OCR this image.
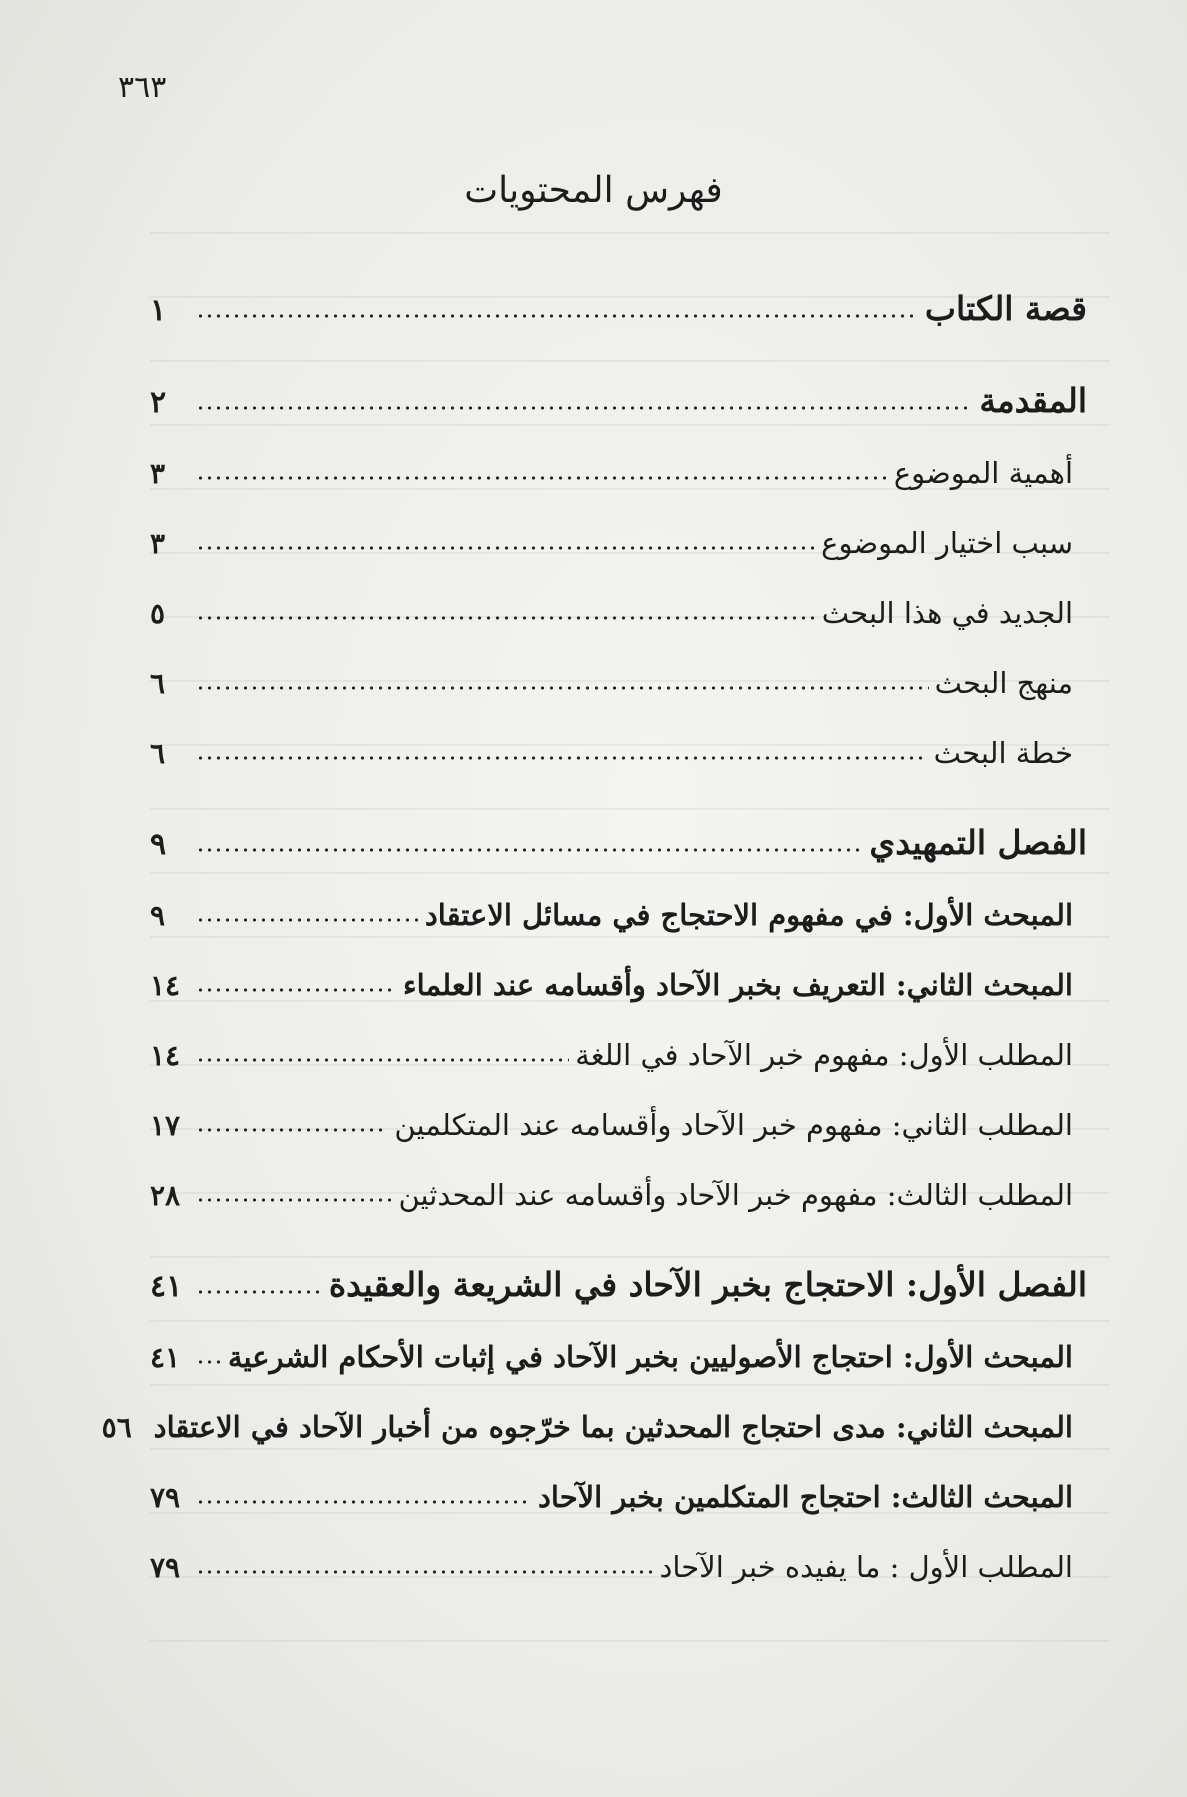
٣٦٣
فهرس المحتويات
قصة الكتاب
١
المقدمة
٢
أهمية الموضوع
٣
سبب اختيار الموضوع
٣
الجديد في هذا البحث
٥
منهج البحث
٦
خطة البحث
٦
الفصل التمهيدي
٩
المبحث الأول: في مفهوم الاحتجاج في مسائل الاعتقاد
٩
المبحث الثاني: التعريف بخبر الآحاد وأقسامه عند العلماء
١٤
المطلب الأول: مفهوم خبر الآحاد في اللغة
١٤
المطلب الثاني: مفهوم خبر الآحاد وأقسامه عند المتكلمين
١٧
المطلب الثالث: مفهوم خبر الآحاد وأقسامه عند المحدثين
٢٨
الفصل الأول: الاحتجاج بخبر الآحاد في الشريعة والعقيدة
٤١
المبحث الأول: احتجاج الأصوليين بخبر الآحاد في إثبات الأحكام الشرعية
٤١
المبحث الثاني: مدى احتجاج المحدثين بما خرّجوه من أخبار الآحاد في الاعتقاد
٥٦
المبحث الثالث: احتجاج المتكلمين بخبر الآحاد
٧٩
المطلب الأول : ما يفيده خبر الآحاد
٧٩
